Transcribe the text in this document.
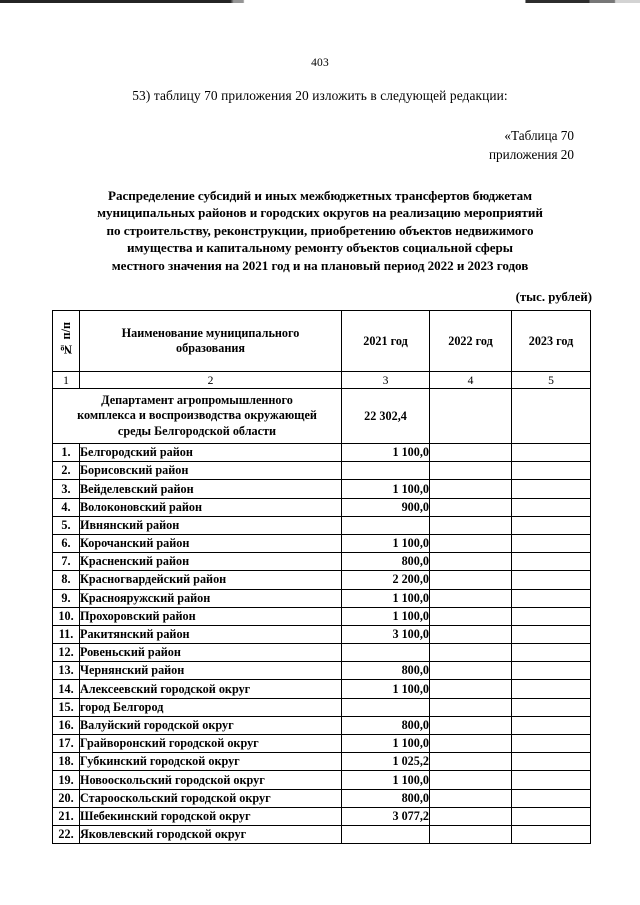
403
53) таблицу 70 приложения 20 изложить в следующей редакции:
«Таблица 70
приложения 20
Распределение субсидий и иных межбюджетных трансфертов бюджетам
муниципальных районов и городских округов на реализацию мероприятий
по строительству, реконструкции, приобретению объектов недвижимого
имущества и капитальному ремонту объектов социальной сферы
местного значения на 2021 год и на плановый период 2022 и 2023 годов
(тыс. рублей)
№ п/п	Наименование муниципального
образования	2021 год	2022 год	2023 год
1	2	3	4	5

Департамент агропромышленного
комплекса и воспроизводства окружающей
среды Белгородской области		22 302,4		
1.	Белгородский район	1 100,0		
2.	Борисовский район			
3.	Вейделевский район	1 100,0		
4.	Волоконовский район	900,0		
5.	Ивнянский район			
6.	Корочанский район	1 100,0		
7.	Красненский район	800,0		
8.	Красногвардейский район	2 200,0		
9.	Краснояружский район	1 100,0		
10.	Прохоровский район	1 100,0		
11.	Ракитянский район	3 100,0		
12.	Ровеньский район			
13.	Чернянский район	800,0		
14.	Алексеевский городской округ	1 100,0		
15.	город Белгород			
16.	Валуйский городской округ	800,0		
17.	Грайворонский городской округ	1 100,0		
18.	Губкинский городской округ	1 025,2		
19.	Новооскольский городской округ	1 100,0		
20.	Старооскольский городской округ	800,0		
21.	Шебекинский городской округ	3 077,2		
22.	Яковлевский городской округ			
